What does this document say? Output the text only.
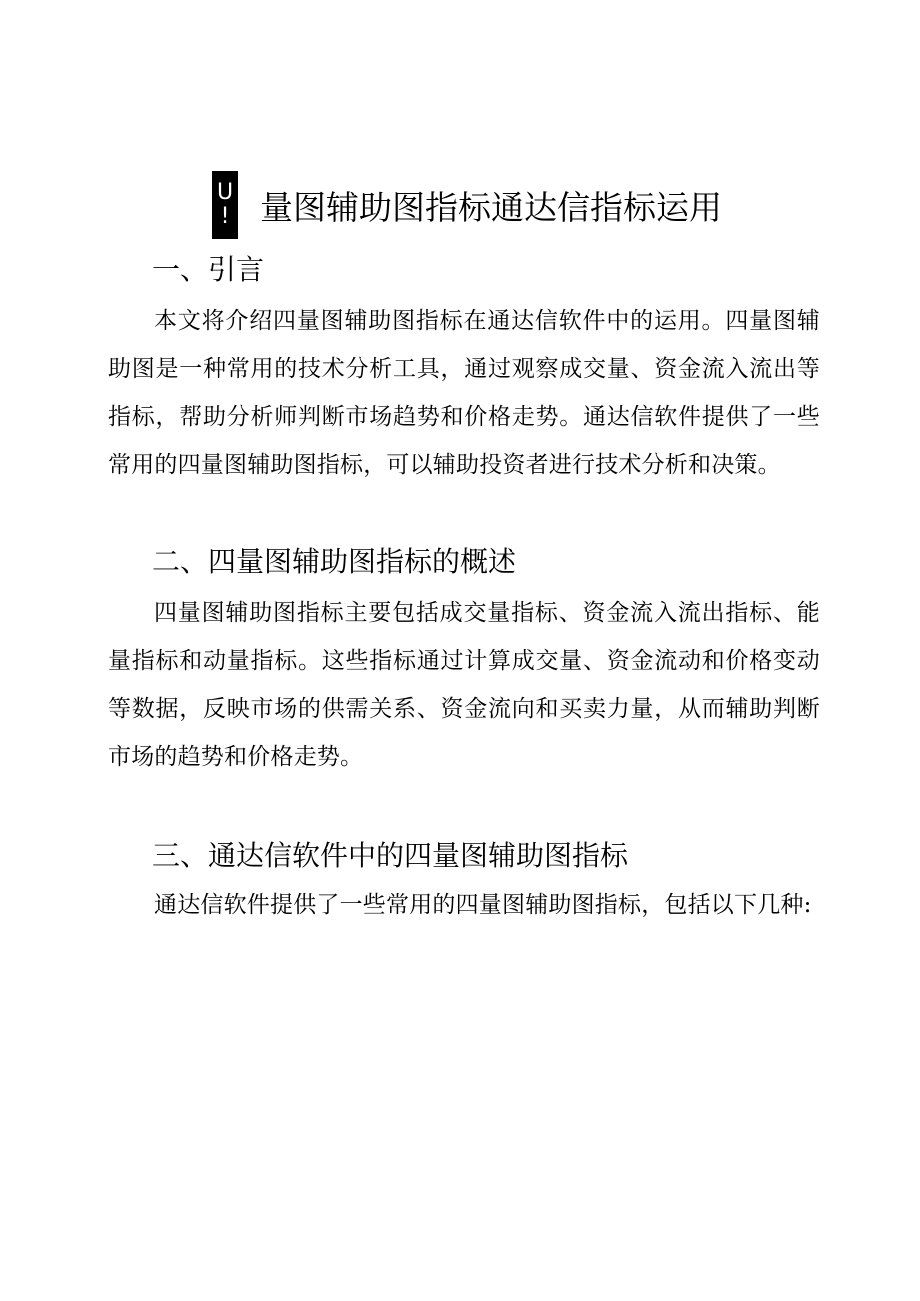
U
! 量图辅助图指标通达信指标运用
一、引言
本文将介绍四量图辅助图指标在通达信软件中的运用。四量图辅助图是一种常用的技术分析工具，通过观察成交量、资金流入流出等指标，帮助分析师判断市场趋势和价格走势。通达信软件提供了一些常用的四量图辅助图指标，可以辅助投资者进行技术分析和决策。
二、四量图辅助图指标的概述
四量图辅助图指标主要包括成交量指标、资金流入流出指标、能量指标和动量指标。这些指标通过计算成交量、资金流动和价格变动等数据，反映市场的供需关系、资金流向和买卖力量，从而辅助判断市场的趋势和价格走势。
三、通达信软件中的四量图辅助图指标
通达信软件提供了一些常用的四量图辅助图指标，包括以下几种:
